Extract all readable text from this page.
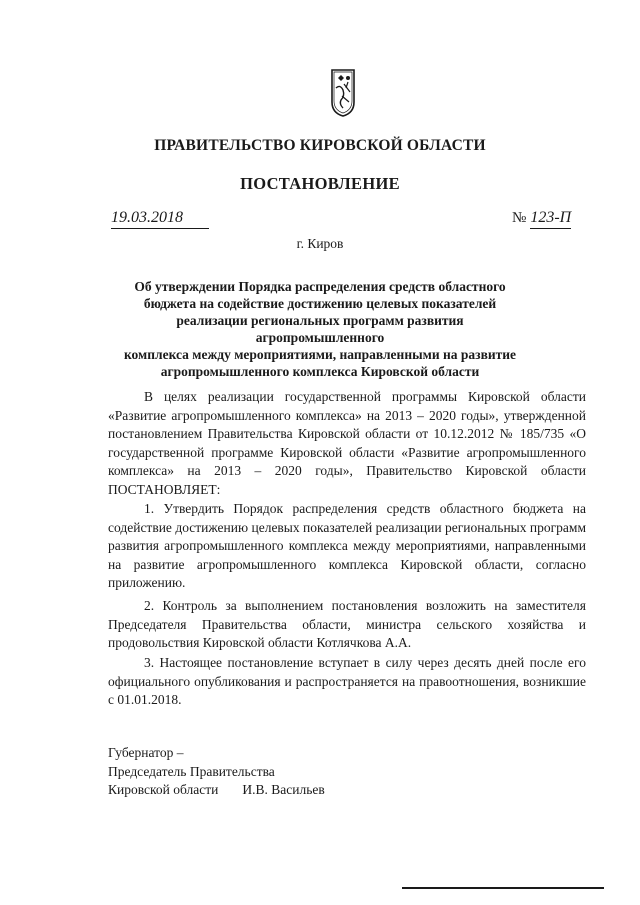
ПРАВИТЕЛЬСТВО КИРОВСКОЙ ОБЛАСТИ
ПОСТАНОВЛЕНИЕ
19.03.2018	№ 123-П
г. Киров
Об утверждении Порядка распределения средств областного
бюджета на содействие достижению целевых показателей
реализации региональных программ развития агропромышленного
комплекса между мероприятиями, направленными на развитие
агропромышленного комплекса Кировской области

В целях реализации государственной программы Кировской области «Развитие агропромышленного комплекса» на 2013 – 2020 годы», утвержденной постановлением Правительства Кировской области от 10.12.2012 № 185/735 «О государственной программе Кировской области «Развитие агропромышленного комплекса» на 2013 – 2020 годы», Правительство Кировской области ПОСТАНОВЛЯЕТ:

1. Утвердить Порядок распределения средств областного бюджета на содействие достижению целевых показателей реализации региональных программ развития агропромышленного комплекса между мероприятиями, направленными на развитие агропромышленного комплекса Кировской области, согласно приложению.

2. Контроль за выполнением постановления возложить на заместителя Председателя Правительства области, министра сельского хозяйства и продовольствия Кировской области Котлячкова А.А.

3. Настоящее постановление вступает в силу через десять дней после его официального опубликования и распространяется на правоотношения, возникшие с 01.01.2018.

Губернатор –
Председатель Правительства
Кировской области И.В. Васильев
